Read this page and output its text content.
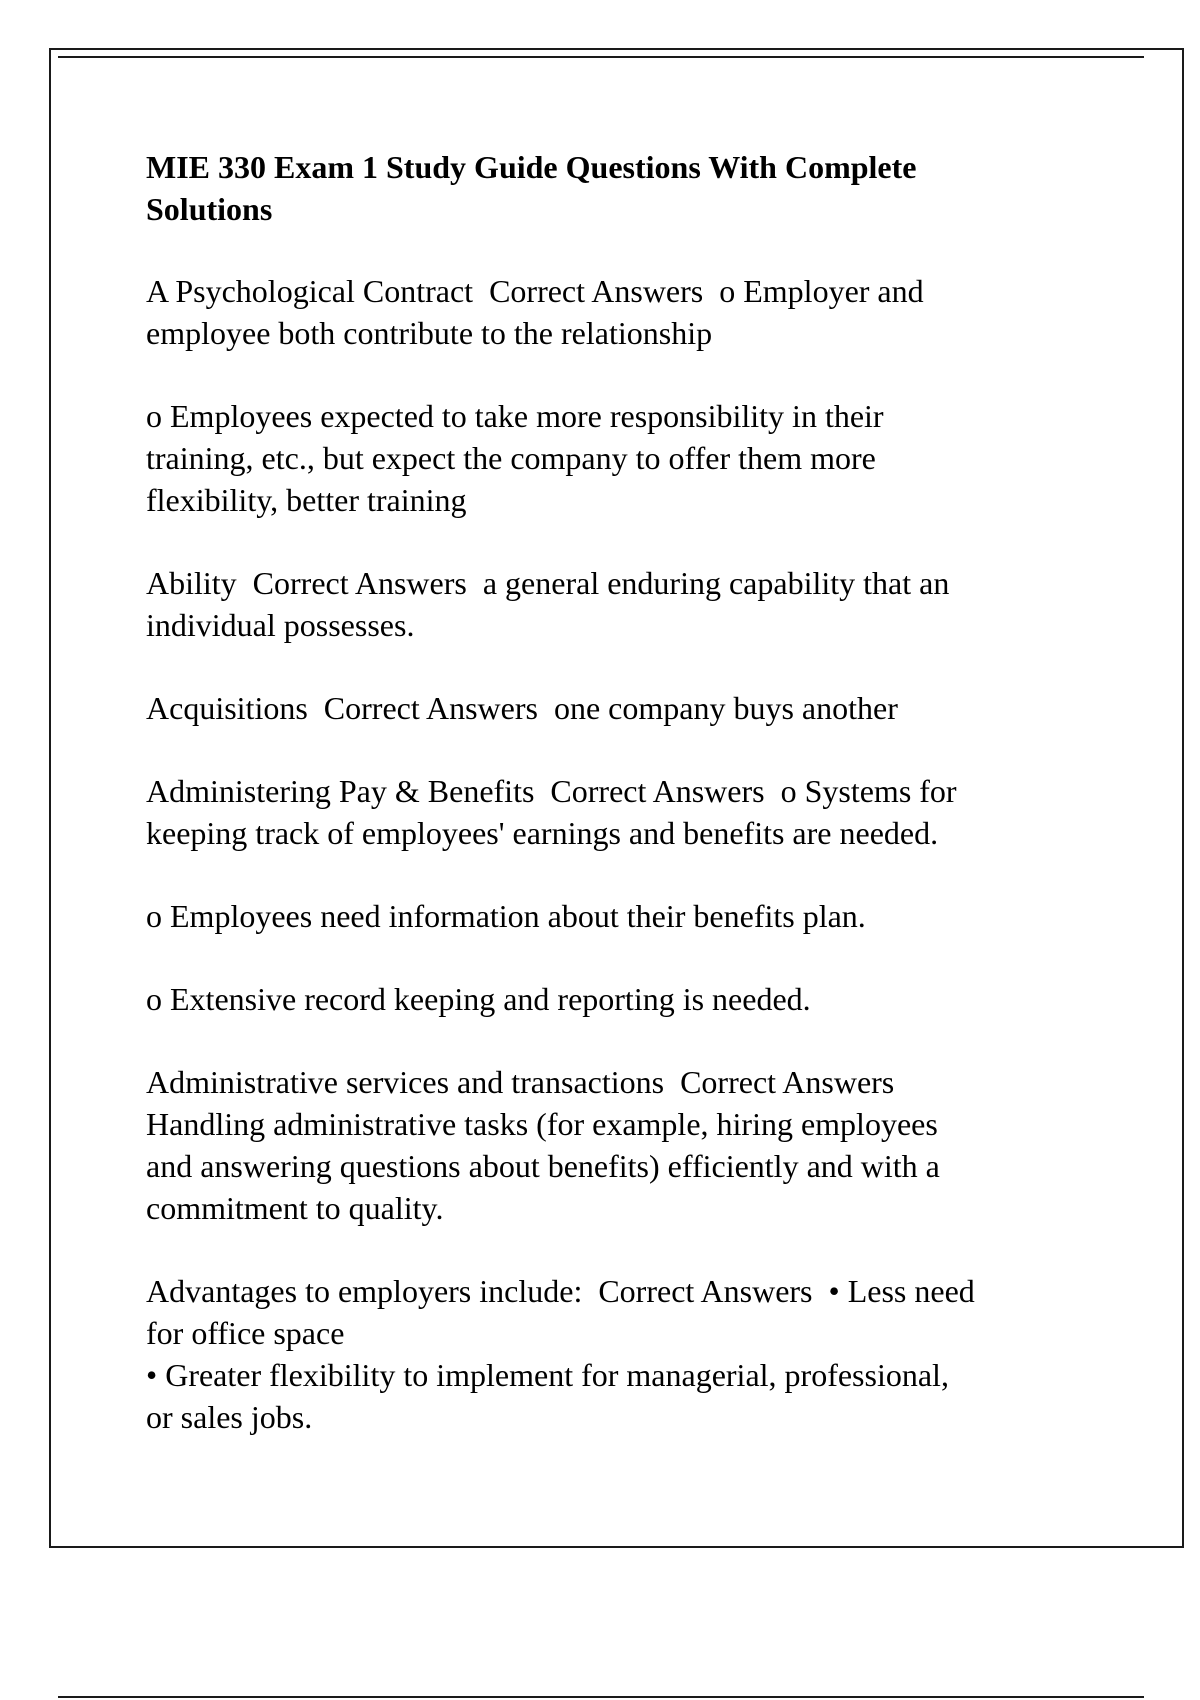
MIE 330 Exam 1 Study Guide Questions With Complete
Solutions
A Psychological Contract  Correct Answers  o Employer and
employee both contribute to the relationship
o Employees expected to take more responsibility in their
training, etc., but expect the company to offer them more
flexibility, better training
Ability  Correct Answers  a general enduring capability that an
individual possesses.
Acquisitions  Correct Answers  one company buys another
Administering Pay & Benefits  Correct Answers  o Systems for
keeping track of employees' earnings and benefits are needed.
o Employees need information about their benefits plan.
o Extensive record keeping and reporting is needed.
Administrative services and transactions  Correct Answers
Handling administrative tasks (for example, hiring employees
and answering questions about benefits) efficiently and with a
commitment to quality.
Advantages to employers include:  Correct Answers  • Less need
for office space
• Greater flexibility to implement for managerial, professional,
or sales jobs.
